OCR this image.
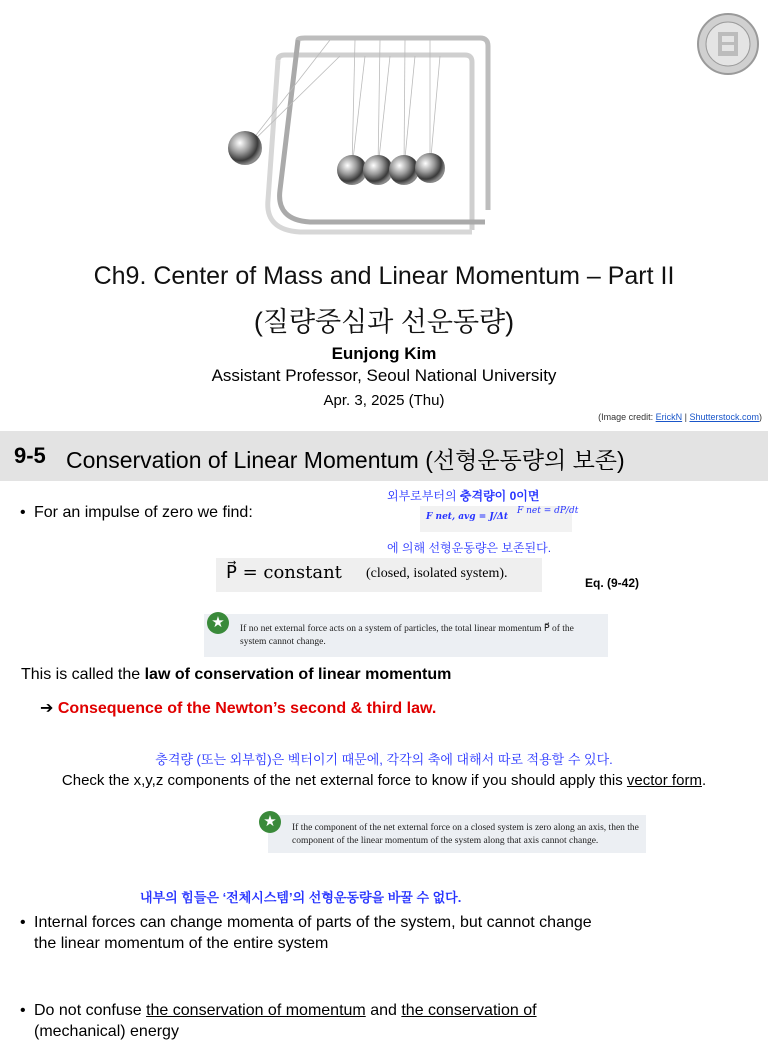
Ch9. Center of Mass and Linear Momentum – Part II
(질량중심과 선운동량)
Eunjong Kim
Assistant Professor, Seoul National University
Apr. 3, 2025 (Thu)
(Image credit: ErickN | Shutterstock.com)
9-5 Conservation of Linear Momentum (선형운동량의 보존)
• For an impulse of zero we find:
외부로부터의 충격량이 0이면
F net, avg = J/Δt
F net = dP/dt
에 의해 선형운동량은 보존된다.
P⃗ = constant (closed, isolated system).
Eq. (9-42)
★	If no net external force acts on a system of particles, the total linear momentum P⃗ of the system cannot change.
This is called the law of conservation of linear momentum
➔ Consequence of the Newton’s second & third law.
충격량 (또는 외부힘)은 벡터이기 때문에, 각각의 축에 대해서 따로 적용할 수 있다.
Check the x,y,z components of the net external force to know if you should apply this vector form.
★	If the component of the net external force on a closed system is zero along an axis, then the component of the linear momentum of the system along that axis cannot change.
내부의 힘들은 ‘전체시스템’의 선형운동량을 바꿀 수 없다.
• Internal forces can change momenta of parts of the system, but cannot change the linear momentum of the entire system
• Do not confuse the conservation of momentum and the conservation of
(mechanical) energy
